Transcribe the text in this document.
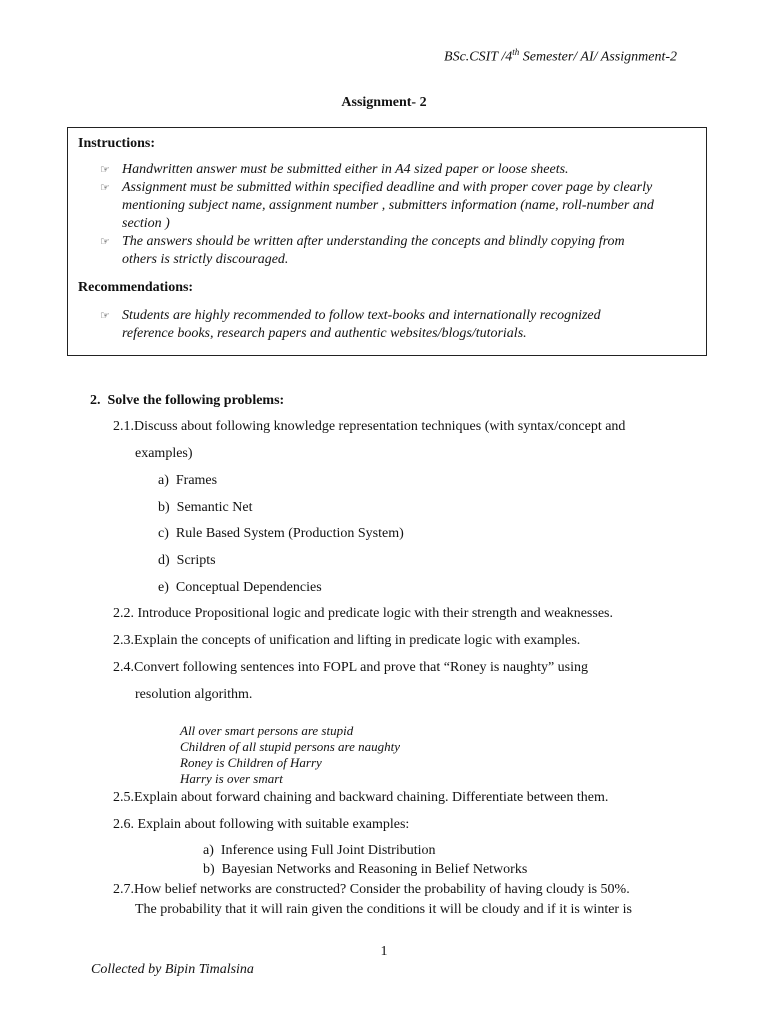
BSc.CSIT /4th Semester/ AI/ Assignment-2
Assignment- 2
Instructions:
☞ Handwritten answer must be submitted either in A4 sized paper or loose sheets.
☞ Assignment must be submitted within specified deadline and with proper cover page by clearly
mentioning subject name, assignment number , submitters information (name, roll-number and
section )
☞ The answers should be written after understanding the concepts and blindly copying from
others is strictly discouraged.
Recommendations:
☞ Students are highly recommended to follow text-books and internationally recognized
reference books, research papers and authentic websites/blogs/tutorials.
2. Solve the following problems:
2.1.Discuss about following knowledge representation techniques (with syntax/concept and
examples)
a)  Frames
b)  Semantic Net
c)  Rule Based System (Production System)
d)  Scripts
e)  Conceptual Dependencies
2.2. Introduce Propositional logic and predicate logic with their strength and weaknesses.
2.3.Explain the concepts of unification and lifting in predicate logic with examples.
2.4.Convert following sentences into FOPL and prove that “Roney is naughty” using
resolution algorithm.
All over smart persons are stupid
Children of all stupid persons are naughty
Roney is Children of Harry
Harry is over smart
2.5.Explain about forward chaining and backward chaining. Differentiate between them.
2.6. Explain about following with suitable examples:
a)  Inference using Full Joint Distribution
b)  Bayesian Networks and Reasoning in Belief Networks
2.7.How belief networks are constructed? Consider the probability of having cloudy is 50%.
The probability that it will rain given the conditions it will be cloudy and if it is winter is
1
Collected by Bipin Timalsina
